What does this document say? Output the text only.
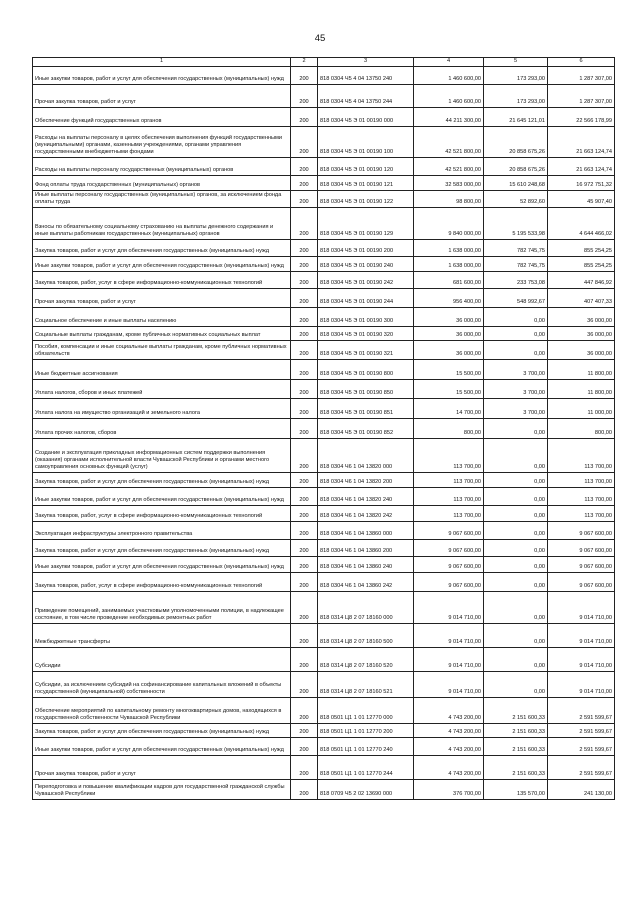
45
1	2	3	4	5	6
Иные закупки товаров, работ и услуг для обеспечения государственных (муниципальных) нужд	200	818 0304 Ч5 4 04 13750 240	1 460 600,00	173 293,00	1 287 307,00
Прочая закупка товаров, работ и услуг	200	818 0304 Ч5 4 04 13750 244	1 460 600,00	173 293,00	1 287 307,00
Обеспечение функций государственных органов	200	818 0304 Ч5 Э 01 00190 000	44 211 300,00	21 645 121,01	22 566 178,99
Расходы на выплаты персоналу в целях обеспечения выполнения функций государственными (муниципальными) органами, казенными учреждениями, органами управления государственными внебюджетными фондами	200	818 0304 Ч5 Э 01 00190 100	42 521 800,00	20 858 675,26	21 663 124,74
Расходы на выплаты персоналу государственных (муниципальных) органов	200	818 0304 Ч5 Э 01 00190 120	42 521 800,00	20 858 675,26	21 663 124,74
Фонд оплаты труда государственных (муниципальных) органов	200	818 0304 Ч5 Э 01 00190 121	32 583 000,00	15 610 248,68	16 972 751,32
Иные выплаты персоналу государственных (муниципальных) органов, за исключением фонда оплаты труда	200	818 0304 Ч5 Э 01 00190 122	98 800,00	52 892,60	45 907,40
Взносы по обязательному социальному страхованию на выплаты денежного содержания и иные выплаты работникам государственных (муниципальных) органов	200	818 0304 Ч5 Э 01 00190 129	9 840 000,00	5 195 533,98	4 644 466,02
Закупка товаров, работ и услуг для обеспечения государственных (муниципальных) нужд	200	818 0304 Ч5 Э 01 00190 200	1 638 000,00	782 745,75	855 254,25
Иные закупки товаров, работ и услуг для обеспечения государственных (муниципальных) нужд	200	818 0304 Ч5 Э 01 00190 240	1 638 000,00	782 745,75	855 254,25
Закупка товаров, работ, услуг в сфере информационно-коммуникационных технологий	200	818 0304 Ч5 Э 01 00190 242	681 600,00	233 753,08	447 846,92
Прочая закупка товаров, работ и услуг	200	818 0304 Ч5 Э 01 00190 244	956 400,00	548 992,67	407 407,33
Социальное обеспечение и иные выплаты населению	200	818 0304 Ч5 Э 01 00190 300	36 000,00	0,00	36 000,00
Социальные выплаты гражданам, кроме публичных нормативных социальных выплат	200	818 0304 Ч5 Э 01 00190 320	36 000,00	0,00	36 000,00
Пособия, компенсации и иные социальные выплаты гражданам, кроме публичных нормативных обязательств	200	818 0304 Ч5 Э 01 00190 321	36 000,00	0,00	36 000,00
Иные бюджетные ассигнования	200	818 0304 Ч5 Э 01 00190 800	15 500,00	3 700,00	11 800,00
Уплата налогов, сборов и иных платежей	200	818 0304 Ч5 Э 01 00190 850	15 500,00	3 700,00	11 800,00
Уплата налога на имущество организаций и земельного налога	200	818 0304 Ч5 Э 01 00190 851	14 700,00	3 700,00	11 000,00
Уплата прочих налогов, сборов	200	818 0304 Ч5 Э 01 00190 852	800,00	0,00	800,00
Создание и эксплуатация прикладных информационных систем поддержки выполнения (оказания) органами исполнительной власти Чувашской Республики и органами местного самоуправления основных функций (услуг)	200	818 0304 Ч6 1 04 13820 000	113 700,00	0,00	113 700,00
Закупка товаров, работ и услуг для обеспечения государственных (муниципальных) нужд	200	818 0304 Ч6 1 04 13820 200	113 700,00	0,00	113 700,00
Иные закупки товаров, работ и услуг для обеспечения государственных (муниципальных) нужд	200	818 0304 Ч6 1 04 13820 240	113 700,00	0,00	113 700,00
Закупка товаров, работ, услуг в сфере информационно-коммуникационных технологий	200	818 0304 Ч6 1 04 13820 242	113 700,00	0,00	113 700,00
Эксплуатация инфраструктуры электронного правительства	200	818 0304 Ч6 1 04 13860 000	9 067 600,00	0,00	9 067 600,00
Закупка товаров, работ и услуг для обеспечения государственных (муниципальных) нужд	200	818 0304 Ч6 1 04 13860 200	9 067 600,00	0,00	9 067 600,00
Иные закупки товаров, работ и услуг для обеспечения государственных (муниципальных) нужд	200	818 0304 Ч6 1 04 13860 240	9 067 600,00	0,00	9 067 600,00
Закупка товаров, работ, услуг в сфере информационно-коммуникационных технологий	200	818 0304 Ч6 1 04 13860 242	9 067 600,00	0,00	9 067 600,00
Приведение помещений, занимаемых участковыми уполномоченными полиции, в надлежащее состояние, в том числе проведение необходимых ремонтных работ	200	818 0314 Ц8 2 07 18160 000	9 014 710,00	0,00	9 014 710,00
Межбюджетные трансферты	200	818 0314 Ц8 2 07 18160 500	9 014 710,00	0,00	9 014 710,00
Субсидии	200	818 0314 Ц8 2 07 18160 520	9 014 710,00	0,00	9 014 710,00
Субсидии, за исключением субсидий на софинансирование капитальных вложений в объекты государственной (муниципальной) собственности	200	818 0314 Ц8 2 07 18160 521	9 014 710,00	0,00	9 014 710,00
Обеспечение мероприятий по капитальному ремонту многоквартирных домов, находящихся в государственной собственности Чувашской Республики	200	818 0501 Ц1 1 01 12770 000	4 743 200,00	2 151 600,33	2 591 599,67
Закупка товаров, работ и услуг для обеспечения государственных (муниципальных) нужд	200	818 0501 Ц1 1 01 12770 200	4 743 200,00	2 151 600,33	2 591 599,67
Иные закупки товаров, работ и услуг для обеспечения государственных (муниципальных) нужд	200	818 0501 Ц1 1 01 12770 240	4 743 200,00	2 151 600,33	2 591 599,67
Прочая закупка товаров, работ и услуг	200	818 0501 Ц1 1 01 12770 244	4 743 200,00	2 151 600,33	2 591 599,67
Переподготовка и повышение квалификации кадров для государственной гражданской службы Чувашской Республики	200	818 0709 Ч5 2 02 13690 000	376 700,00	135 570,00	241 130,00
